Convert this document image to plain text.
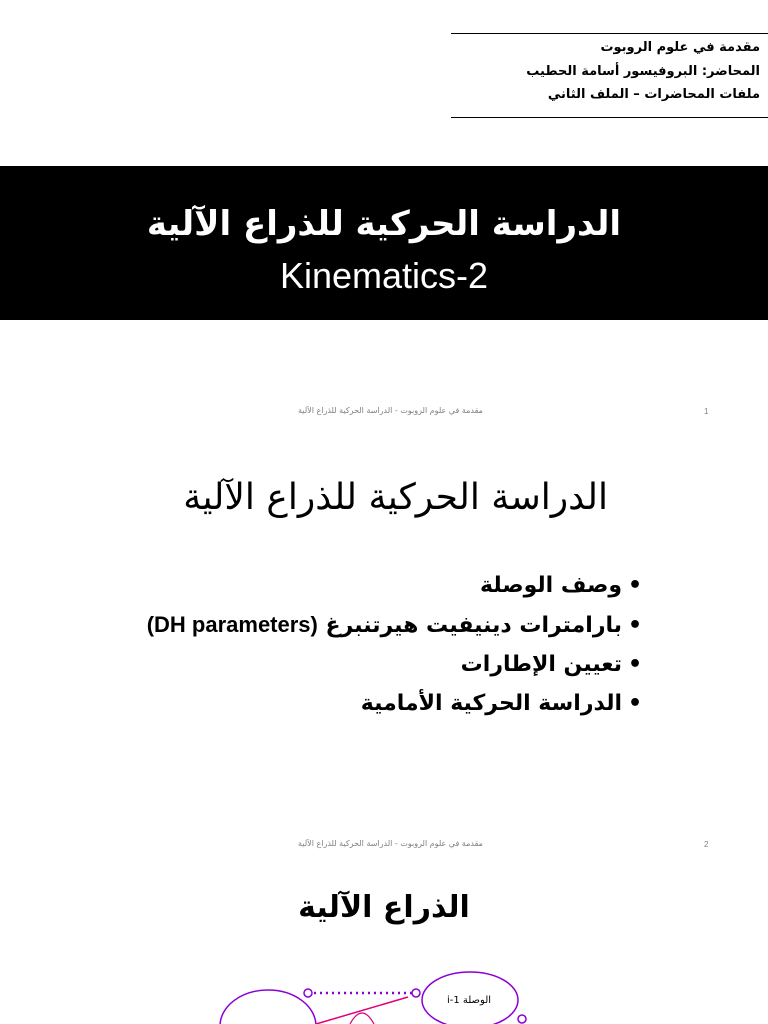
مقدمة في علوم الروبوت
المحاضر: البروفيسور أسامة الحطيب
ملفات المحاضرات – الملف الثاني
الدراسة الحركية للذراع الآلية
Kinematics-2
مقدمة في علوم الروبوت - الدراسة الحركية للذراع الآلية	1
الدراسة الحركية للذراع الآلية
•وصف الوصلة
•بارامترات دينيفيت هيرتنبرغ (DH parameters)
•تعيين الإطارات
•الدراسة الحركية الأمامية
مقدمة في علوم الروبوت - الدراسة الحركية للذراع الآلية	2
الذراع الآلية
الوصلة i-1
